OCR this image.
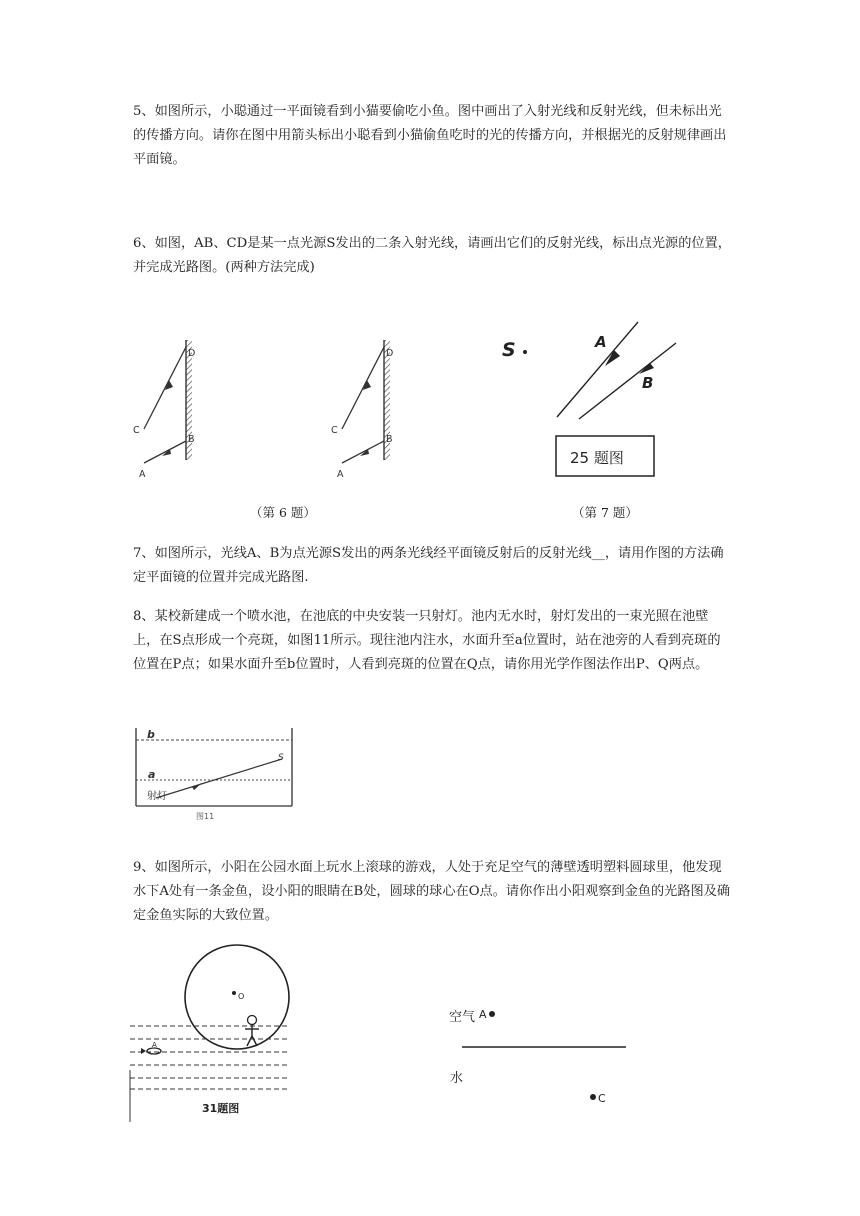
5、如图所示，小聪通过一平面镜看到小猫要偷吃小鱼。图中画出了入射光线和反射光线，但未标出光的传播方向。请你在图中用箭头标出小聪看到小猫偷鱼吃时的光的传播方向，并根据光的反射规律画出平面镜。

6、如图，AB、CD是某一点光源S发出的二条入射光线，请画出它们的反射光线，标出点光源的位置，并完成光路图。(两种方法完成)

D
C
B
A
D
C
B
A
S	A
B
25 题图
（第 6 题）	（第 7 题）

7、如图所示，光线A、B为点光源S发出的两条光线经平面镜反射后的反射光线__，请用作图的方法确定平面镜的位置并完成光路图.

8、某校新建成一个喷水池，在池底的中央安装一只射灯。池内无水时，射灯发出的一束光照在池壁上，在S点形成一个亮斑，如图11所示。现往池内注水，水面升至a位置时，站在池旁的人看到亮斑的位置在P点；如果水面升至b位置时，人看到亮斑的位置在Q点，请你用光学作图法作出P、Q两点。

b
a
S
射灯
图11

9、如图所示，小阳在公园水面上玩水上滚球的游戏，人处于充足空气的薄壁透明塑料圆球里，他发现水下A处有一条金鱼，设小阳的眼睛在B处，圆球的球心在O点。请你作出小阳观察到金鱼的光路图及确定金鱼实际的大致位置。

O
A
31题图
空气 A
水
C
